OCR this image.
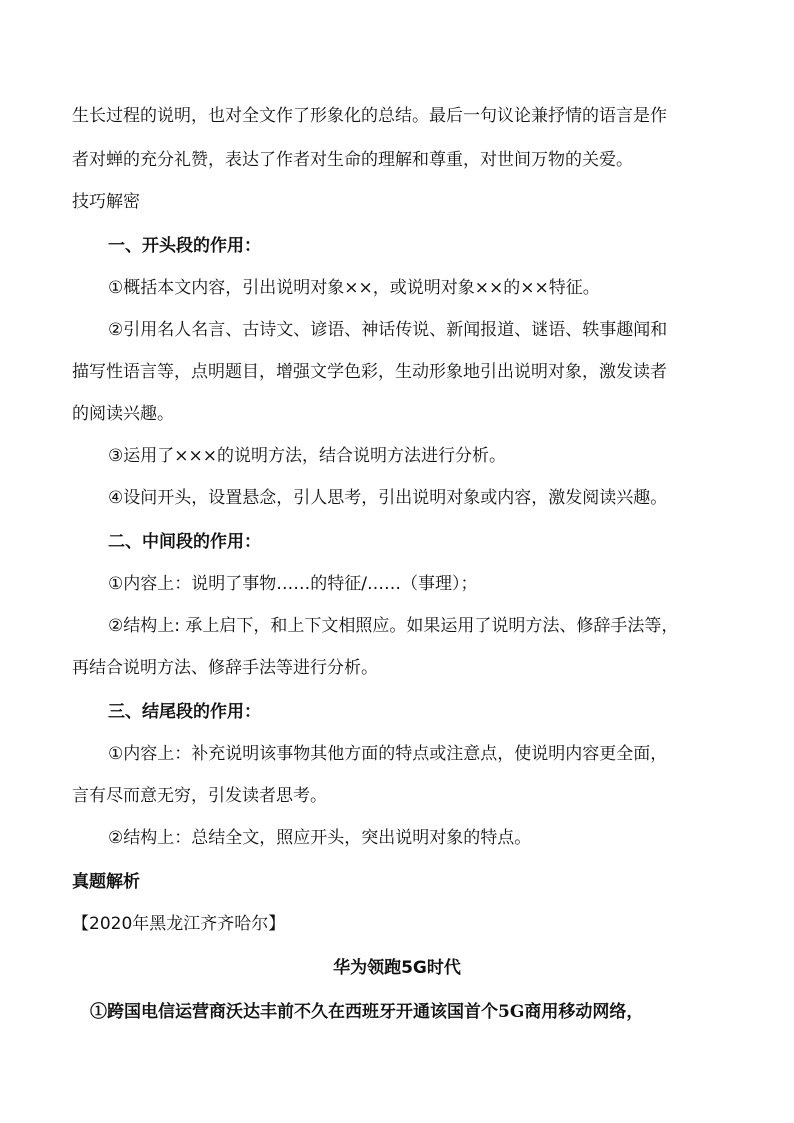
生长过程的说明，也对全文作了形象化的总结。最后一句议论兼抒情的语言是作
者对蝉的充分礼赞，表达了作者对生命的理解和尊重，对世间万物的关爱。
技巧解密
一、开头段的作用：
①概括本文内容，引出说明对象××，或说明对象××的××特征。
②引用名人名言、古诗文、谚语、神话传说、新闻报道、谜语、轶事趣闻和
描写性语言等，点明题目，增强文学色彩，生动形象地引出说明对象，激发读者
的阅读兴趣。
③运用了×××的说明方法，结合说明方法进行分析。
④设问开头，设置悬念，引人思考，引出说明对象或内容，激发阅读兴趣。
二、中间段的作用：
①内容上：说明了事物……的特征/……（事理）；
②结构上: 承上启下，和上下文相照应。如果运用了说明方法、修辞手法等，
再结合说明方法、修辞手法等进行分析。
三、结尾段的作用：
①内容上：补充说明该事物其他方面的特点或注意点，使说明内容更全面，
言有尽而意无穷，引发读者思考。
②结构上：总结全文，照应开头，突出说明对象的特点。
真题解析
【2020年黑龙江齐齐哈尔】
华为领跑5G时代
①跨国电信运营商沃达丰前不久在西班牙开通该国首个5G商用移动网络，
